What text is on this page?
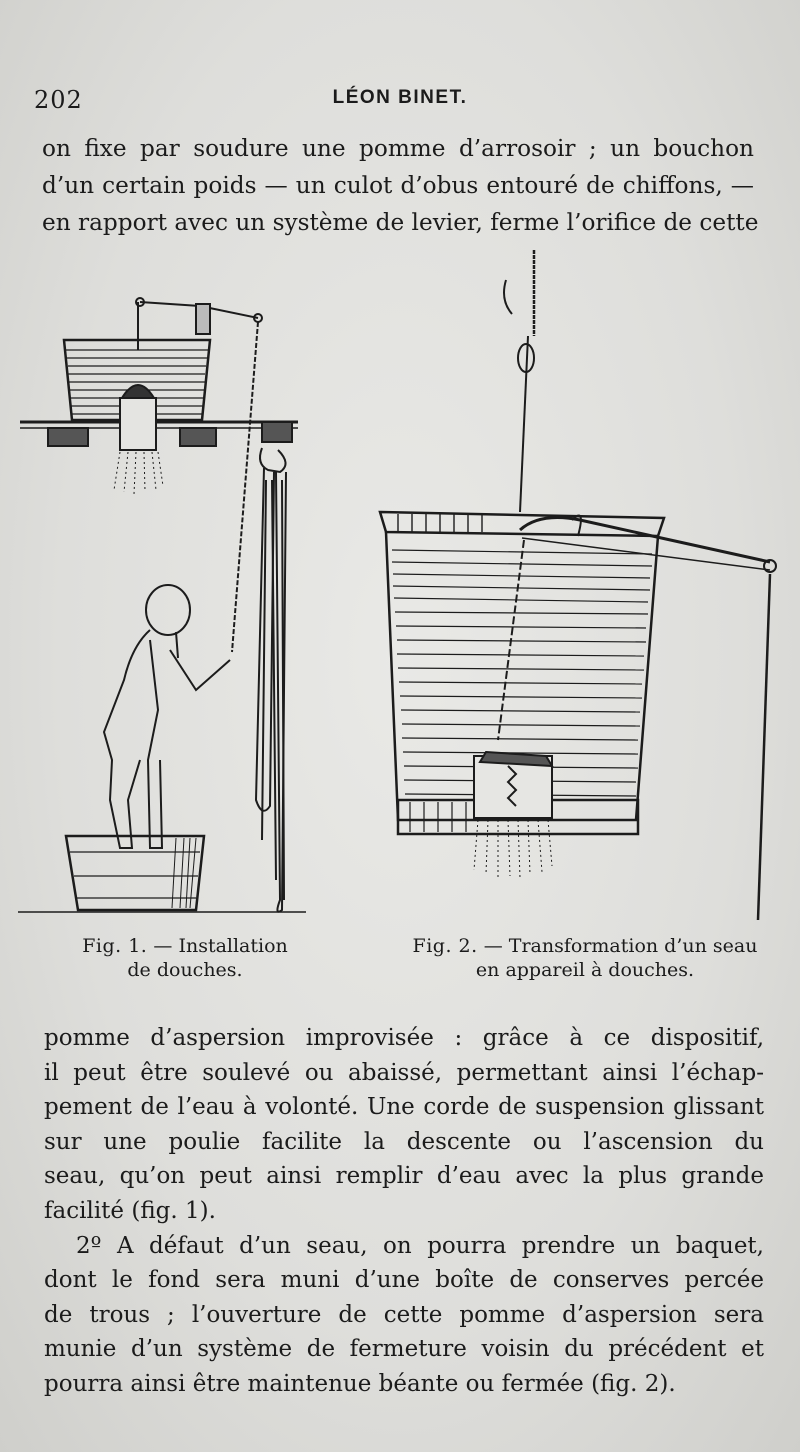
202	LÉON BINET.
on fixe par soudure une pomme d’arrosoir ; un bouchon
d’un certain poids — un culot d’obus entouré de chiffons, —
en rapport avec un système de levier, ferme l’orifice de cette
Fig. 1. — Installation
de douches.
Fig. 2. — Transformation d’un seau
en appareil à douches.
pomme d’aspersion improvisée : grâce à ce dispositif,
il peut être soulevé ou abaissé, permettant ainsi l’échap-
pement de l’eau à volonté. Une corde de suspension glissant
sur une poulie facilite la descente ou l’ascension du
seau, qu’on peut ainsi remplir d’eau avec la plus grande
facilité (fig. 1).
2º A défaut d’un seau, on pourra prendre un baquet,
dont le fond sera muni d’une boîte de conserves percée
de trous ; l’ouverture de cette pomme d’aspersion sera
munie d’un système de fermeture voisin du précédent et
pourra ainsi être maintenue béante ou fermée (fig. 2).
